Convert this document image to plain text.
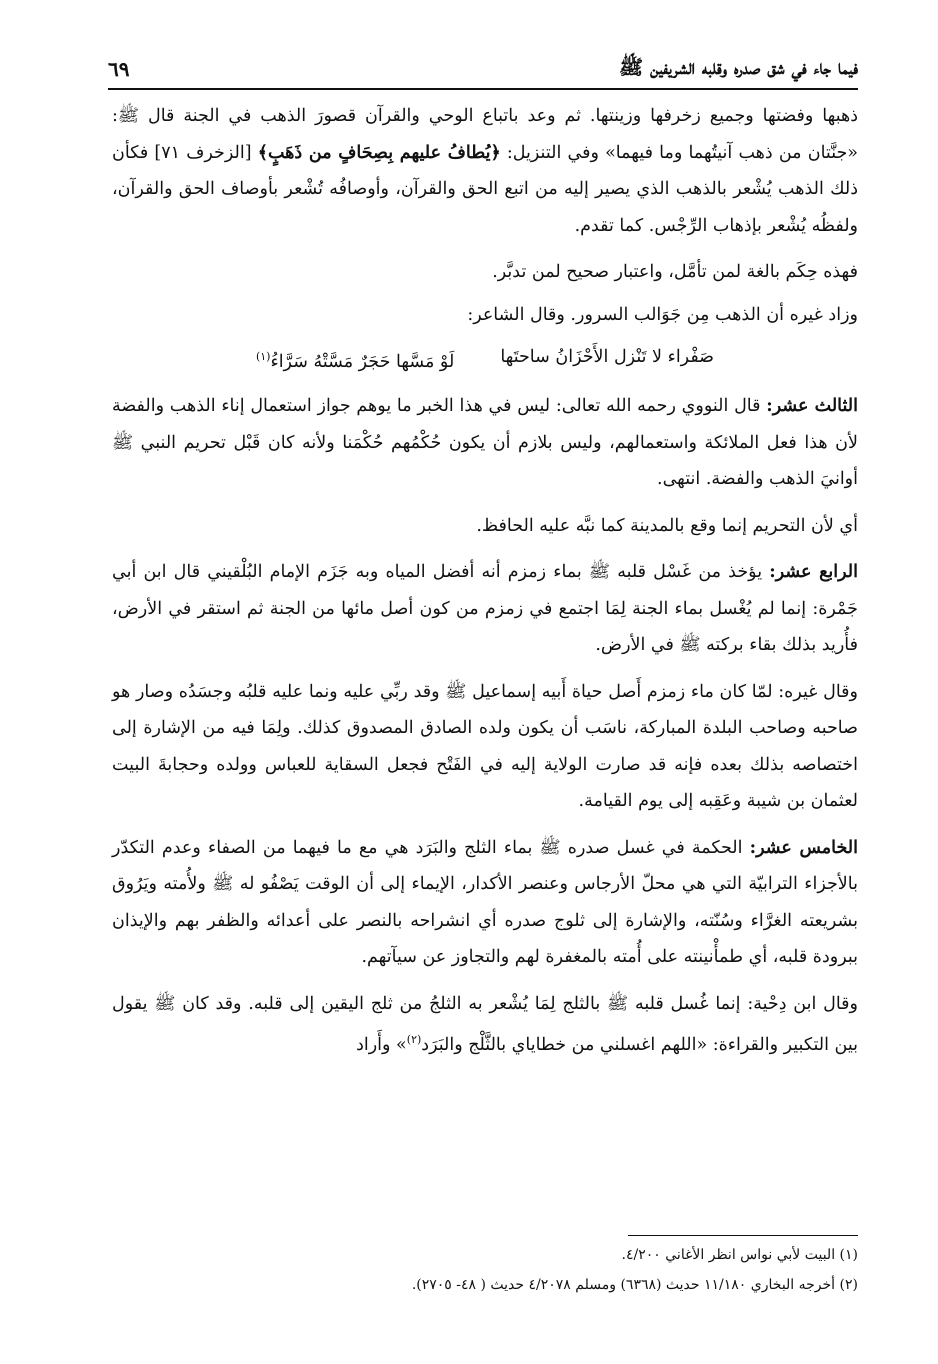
فيما جاء في شق صدره وقلبه الشريفين ﷺ
٦٩

ذهبها وفضتها وجميع زخرفها وزينتها. ثم وعد باتباع الوحي والقرآن قصورَ الذهب في الجنة قال ﷺ: «جنَّتان من ذهب آنيتُهما وما فيهما» وفي التنزيل: ﴿يُطافُ عليهم بِصِحَافٍ من ذَهَبٍ﴾ [الزخرف ٧١] فكأن ذلك الذهب يُشْعر بالذهب الذي يصير إليه من اتبع الحق والقرآن، وأوصافُه تُشْعر بأوصاف الحق والقرآن، ولفظُه يُشْعر بإذهاب الرِّجْس. كما تقدم.

فهذه حِكَم بالغة لمن تأمَّل، واعتبار صحيح لمن تدبَّر.

وزاد غيره أن الذهب مِن جَوَالب السرور. وقال الشاعر:

صَفْراء لا تَنْزل الأَحْزَانُ ساحتَها
لَوْ مَسَّها حَجَرٌ مَسَّتْهُ سَرَّاءُ$^{(١)}$

الثالث عشر: قال النووي رحمه الله تعالى: ليس في هذا الخبر ما يوهم جواز استعمال إناء الذهب والفضة لأن هذا فعل الملائكة واستعمالهم، وليس بلازم أن يكون حُكْمُهم حُكْمَنا ولأنه كان قَبْل تحريم النبي ﷺ أوانيَ الذهب والفضة. انتهى.

أي لأن التحريم إنما وقع بالمدينة كما نبَّه عليه الحافظ.

الرابع عشر: يؤخذ من غَسْل قلبه ﷺ بماء زمزم أنه أفضل المياه وبه جَزَم الإمام البُلْقيني قال ابن أبي جَمْرة: إنما لم يُغْسل بماء الجنة لِمَا اجتمع في زمزم من كون أصل مائها من الجنة ثم استقر في الأرض، فأُريد بذلك بقاء بركته ﷺ في الأرض.

وقال غيره: لمّا كان ماء زمزم أَصل حياة أَبيه إسماعيل ﷺ وقد ربِّي عليه ونما عليه قلبُه وجسَدُه وصار هو صاحبه وصاحب البلدة المباركة، ناسَب أن يكون ولده الصادق المصدوق كذلك. ولِمَا فيه من الإشارة إلى اختصاصه بذلك بعده فإنه قد صارت الولاية إليه في الفَتْح فجعل السقاية للعباس وولده وحجابةَ البيت لعثمان بن شيبة وعَقِبه إلى يوم القيامة.

الخامس عشر: الحكمة في غسل صدره ﷺ بماء الثلج والبَرَد هي مع ما فيهما من الصفاء وعدم التكدّر بالأجزاء الترابيّة التي هي محلّ الأرجاس وعنصر الأكدار، الإيماء إلى أن الوقت يَصْفُو له ﷺ ولأُمته ويَرُوق بشريعته الغرَّاء وسُنّته، والإشارة إلى ثلوج صدره أي انشراحه بالنصر على أعدائه والظفر بهم والإيذان ببرودة قلبه، أي طمأْنينته على أُمته بالمغفرة لهم والتجاوز عن سيآتهم.

وقال ابن دِحْية: إنما غُسل قلبه ﷺ بالثلج لِمَا يُشْعر به الثلجُ من ثلج اليقين إلى قلبه. وقد كان ﷺ يقول بين التكبير والقراءة: «اللهم اغسلني من خطاياي بالثَّلْج والبَرَد$^{(٢)}$» وأَراد

(١) البيت لأبي نواس انظر الأغاني ٤/٢٠٠.

(٢) أخرجه البخاري ١١/١٨٠ حديث (٦٣٦٨) ومسلم ٤/٢٠٧٨ حديث ( ٤٨- ٢٧٠٥).
